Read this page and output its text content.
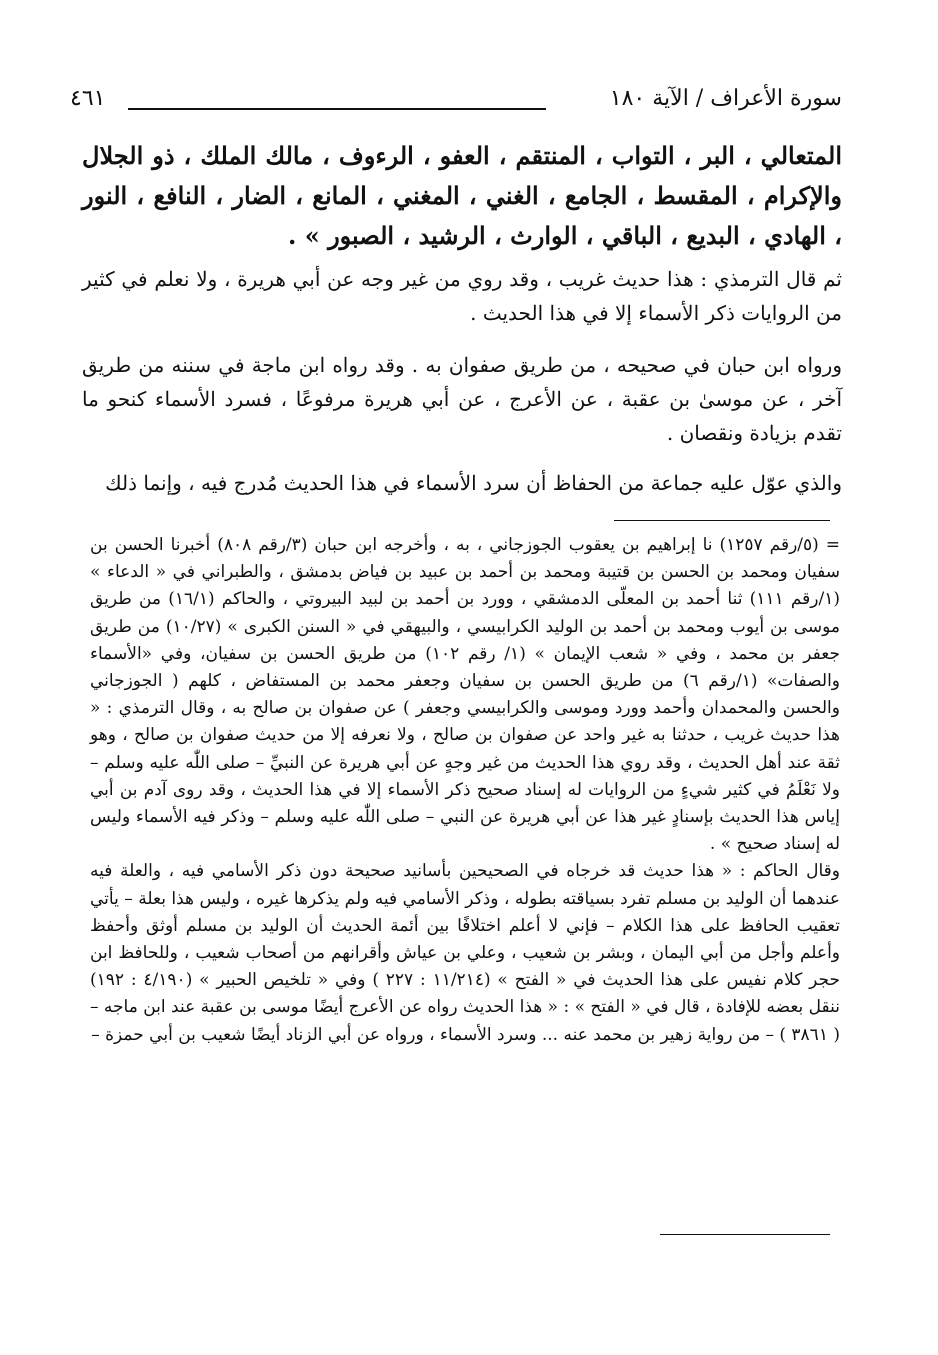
سورة الأعراف / الآية ١٨٠
٤٦١
المتعالي ، البر ، التواب ، المنتقم ، العفو ، الرءوف ، مالك الملك ، ذو الجلال والإكرام ، المقسط ، الجامع ، الغني ، المغني ، المانع ، الضار ، النافع ، النور ، الهادي ، البديع ، الباقي ، الوارث ، الرشيد ، الصبور » .
ثم قال الترمذي : هذا حديث غريب ، وقد روي من غير وجه عن أبي هريرة ، ولا نعلم في كثير من الروايات ذكر الأسماء إلا في هذا الحديث .
ورواه ابن حبان في صحيحه ، من طريق صفوان به . وقد رواه ابن ماجة في سننه من طريق آخر ، عن موسىٰ بن عقبة ، عن الأعرج ، عن أبي هريرة مرفوعًا ، فسرد الأسماء كنحو ما تقدم بزيادة ونقصان .
والذي عوّل عليه جماعة من الحفاظ أن سرد الأسماء في هذا الحديث مُدرج فيه ، وإنما ذلك

= (٥/رقم ١٢٥٧) نا إبراهيم بن يعقوب الجوزجاني ، به ، وأخرجه ابن حبان (٣/رقم ٨٠٨) أخبرنا الحسن بن سفيان ومحمد بن الحسن بن قتيبة ومحمد بن أحمد بن عبيد بن فياض بدمشق ، والطبراني في « الدعاء » (١/رقم ١١١) ثنا أحمد بن المعلّى الدمشقي ، وورد بن أحمد بن لبيد البيروتي ، والحاكم (١٦/١) من طريق موسى بن أيوب ومحمد بن أحمد بن الوليد الكرابيسي ، والبيهقي في « السنن الكبرى » (١٠/٢٧) من طريق جعفر بن محمد ، وفي « شعب الإيمان » (١/ رقم ١٠٢) من طريق الحسن بن سفيان، وفي «الأسماء والصفات» (١/رقم ٦) من طريق الحسن بن سفيان وجعفر محمد بن المستفاض ، كلهم ( الجوزجاني والحسن والمحمدان وأحمد وورد وموسى والكرابيسي وجعفر ) عن صفوان بن صالح به ، وقال الترمذي : « هذا حديث غريب ، حدثنا به غير واحد عن صفوان بن صالح ، ولا نعرفه إلا من حديث صفوان بن صالح ، وهو ثقة عند أهل الحديث ، وقد روي هذا الحديث من غير وجهٍ عن أبي هريرة عن النبيِّ – صلى اللّٰه عليه وسلم – ولا نَعْلَمُ في كثير شيءٍ من الروايات له إسناد صحيح ذكر الأسماء إلا في هذا الحديث ، وقد روى آدم بن أبي إياس هذا الحديث بإسنادٍ غير هذا عن أبي هريرة عن النبي – صلى اللّٰه عليه وسلم – وذكر فيه الأسماء وليس له إسناد صحيح » .

وقال الحاكم : « هذا حديث قد خرجاه في الصحيحين بأسانيد صحيحة دون ذكر الأسامي فيه ، والعلة فيه عندهما أن الوليد بن مسلم تفرد بسياقته بطوله ، وذكر الأسامي فيه ولم يذكرها غيره ، وليس هذا بعلة – يأتي تعقيب الحافظ على هذا الكلام – فإني لا أعلم اختلافًا بين أئمة الحديث أن الوليد بن مسلم أوثق وأحفظ وأعلم وأجل من أبي اليمان ، وبشر بن شعيب ، وعلي بن عياش وأقرانهم من أصحاب شعيب ، وللحافظ ابن حجر كلام نفيس على هذا الحديث في « الفتح » (١١/٢١٤ : ٢٢٧ ) وفي « تلخيص الحبير » (٤/١٩٠ : ١٩٢) ننقل بعضه للإفادة ، قال في « الفتح » : « هذا الحديث رواه عن الأعرج أيضًا موسى بن عقبة عند ابن ماجه – ( ٣٨٦١ ) – من رواية زهير بن محمد عنه ... وسرد الأسماء ، ورواه عن أبي الزناد أيضًا شعيب بن أبي حمزة –
